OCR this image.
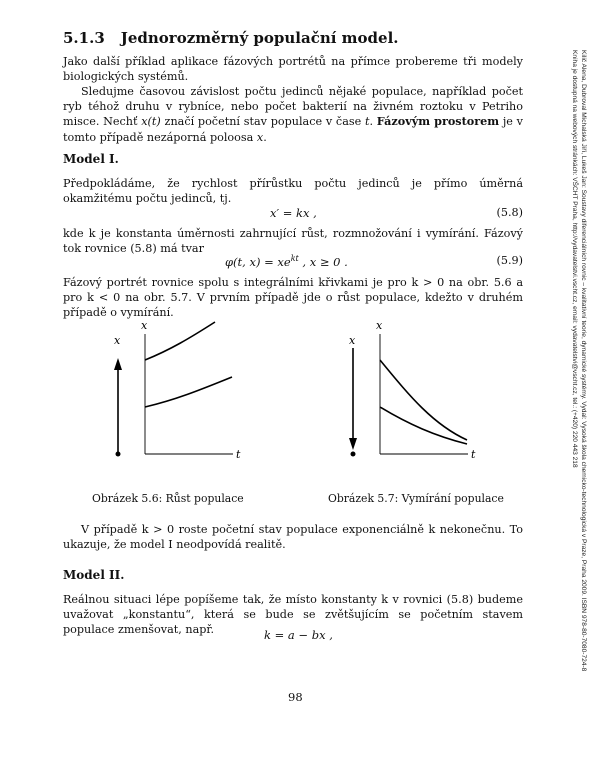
5.1.3 Jednorozměrný populační model.

Jako další příklad aplikace fázových portrétů na přímce probereme tři modely biologických systémů.

Sledujme časovou závislost počtu jedinců nějaké populace, například počet ryb téhož druhu v rybníce, nebo počet bakterií na živném roztoku v Petriho misce. Nechť x(t) značí početní stav populace v čase t. Fázovým prostorem je v tomto případě nezáporná poloosa x.

Model I.

Předpokládáme, že rychlost přírůstku počtu jedinců je přímo úměrná okamžitému počtu jedinců, tj.

x′ = kx ,	(5.8)

kde k je konstanta úměrnosti zahrnující růst, rozmnožování i vymírání. Fázový tok rovnice (5.8) má tvar

φ(t, $x) = xe^{kt}$ , x ≥ 0 .	(5.9)

Fázový portrét rovnice spolu s integrálními křivkami je pro k > 0 na obr. 5.6 a pro k < 0 na obr. 5.7. V prvním případě jde o růst populace, kdežto v druhém případě o vymírání.

x
x
t

Obrázek 5.6: Růst populace

x
x
t

Obrázek 5.7: Vymírání populace

V případě k > 0 roste početní stav populace exponenciálně k nekonečnu. To ukazuje, že model I neodpovídá realitě.

Model II.

Reálnou situaci lépe popíšeme tak, že místo konstanty k v rovnici (5.8) budeme uvažovat „konstantu“, která se bude se zvětšujícím se početním stavem populace zmenšovat, např.	k = a − bx ,

98

Kilič Alena, Dubroval Michalská Jiří, Lukeš Jan: Soustavy diferenciálních rovnic – kvalitativní teorie, dynamické systémy. Vydal: Vysoká škola chemicko-technologická v Praze, Praha 2009. ISBN 978-80-7080-724-8

Kniha je dostupná na webových stránkách: VŠCHT Praha, http://vydavatelstvi.vscht.cz, email: vydavatelstvi@vscht.cz, tel.: (+420) 220 443 218
